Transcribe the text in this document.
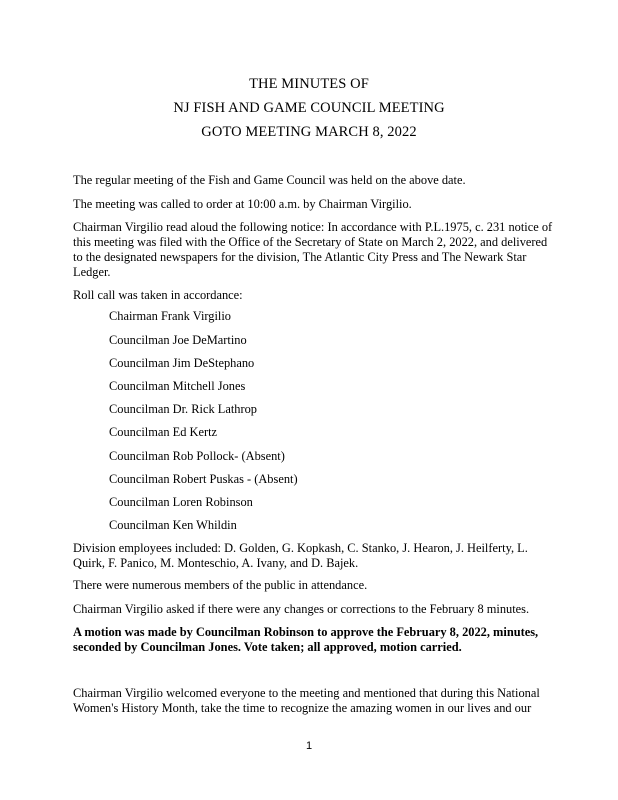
THE MINUTES OF
NJ FISH AND GAME COUNCIL MEETING
GOTO MEETING MARCH 8, 2022
The regular meeting of the Fish and Game Council was held on the above date.
The meeting was called to order at 10:00 a.m. by Chairman Virgilio.
Chairman Virgilio read aloud the following notice: In accordance with P.L.1975, c. 231 notice of
this meeting was filed with the Office of the Secretary of State on March 2, 2022, and delivered
to the designated newspapers for the division, The Atlantic City Press and The Newark Star
Ledger.
Roll call was taken in accordance:
Chairman Frank Virgilio
Councilman Joe DeMartino
Councilman Jim DeStephano
Councilman Mitchell Jones
Councilman Dr. Rick Lathrop
Councilman Ed Kertz
Councilman Rob Pollock- (Absent)
Councilman Robert Puskas - (Absent)
Councilman Loren Robinson
Councilman Ken Whildin
Division employees included: D. Golden, G. Kopkash, C. Stanko, J. Hearon, J. Heilferty, L.
Quirk, F. Panico, M. Monteschio, A. Ivany, and D. Bajek.
There were numerous members of the public in attendance.
Chairman Virgilio asked if there were any changes or corrections to the February 8 minutes.
A motion was made by Councilman Robinson to approve the February 8, 2022, minutes,
seconded by Councilman Jones. Vote taken; all approved, motion carried.
Chairman Virgilio welcomed everyone to the meeting and mentioned that during this National
Women's History Month, take the time to recognize the amazing women in our lives and our
1
